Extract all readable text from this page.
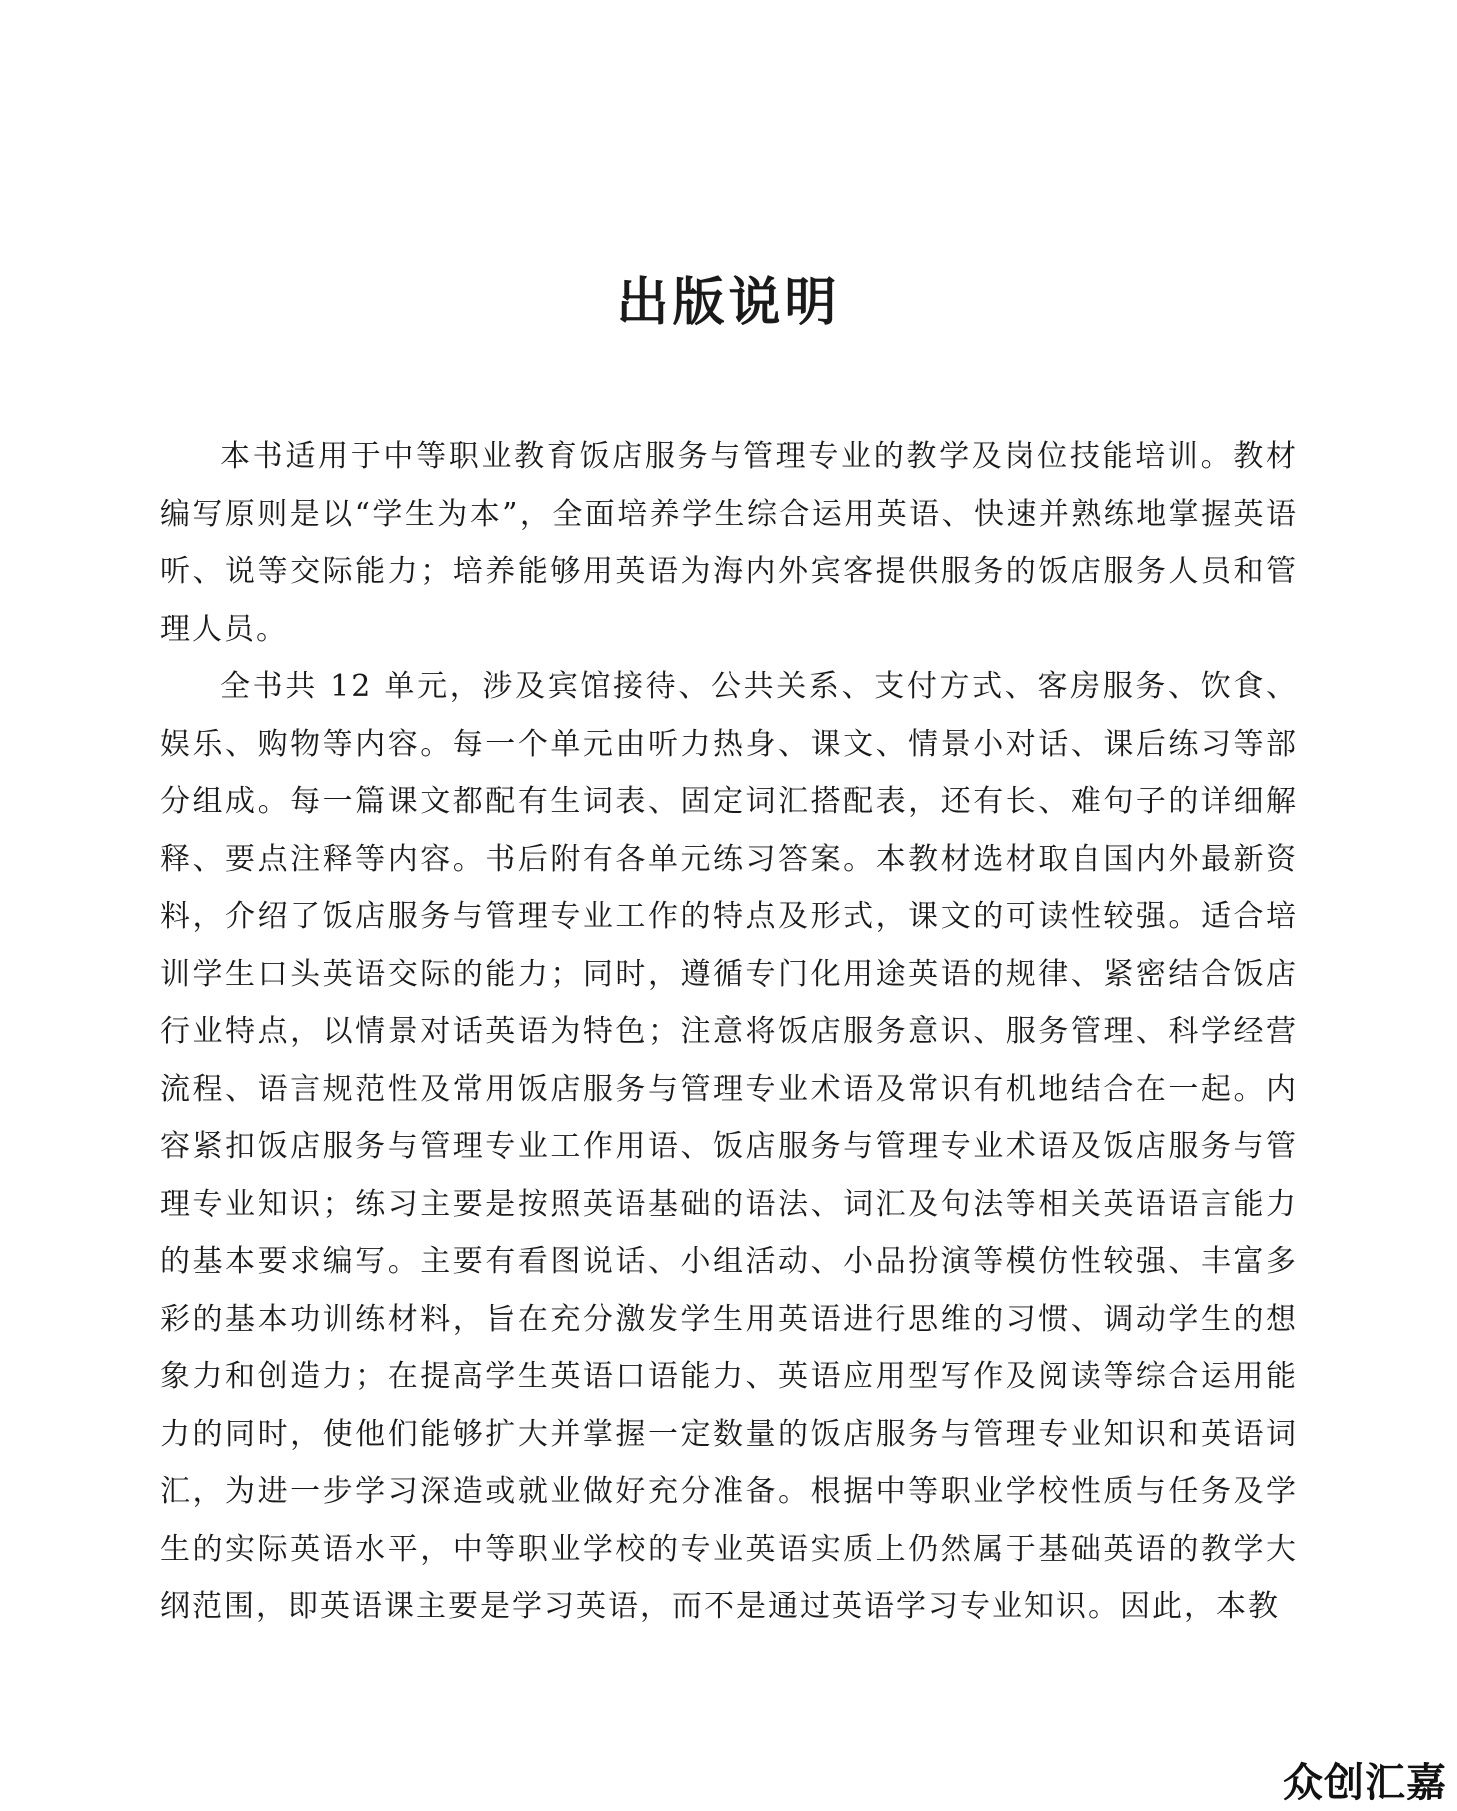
出版说明

本书适用于中等职业教育饭店服务与管理专业的教学及岗位技能培训。教材编写原则是以“学生为本”，全面培养学生综合运用英语、快速并熟练地掌握英语听、说等交际能力；培养能够用英语为海内外宾客提供服务的饭店服务人员和管理人员。

全书共 12 单元，涉及宾馆接待、公共关系、支付方式、客房服务、饮食、娱乐、购物等内容。每一个单元由听力热身、课文、情景小对话、课后练习等部分组成。每一篇课文都配有生词表、固定词汇搭配表，还有长、难句子的详细解释、要点注释等内容。书后附有各单元练习答案。本教材选材取自国内外最新资料，介绍了饭店服务与管理专业工作的特点及形式，课文的可读性较强。适合培训学生口头英语交际的能力；同时，遵循专门化用途英语的规律、紧密结合饭店行业特点，以情景对话英语为特色；注意将饭店服务意识、服务管理、科学经营流程、语言规范性及常用饭店服务与管理专业术语及常识有机地结合在一起。内容紧扣饭店服务与管理专业工作用语、饭店服务与管理专业术语及饭店服务与管理专业知识；练习主要是按照英语基础的语法、词汇及句法等相关英语语言能力的基本要求编写。主要有看图说话、小组活动、小品扮演等模仿性较强、丰富多彩的基本功训练材料，旨在充分激发学生用英语进行思维的习惯、调动学生的想象力和创造力；在提高学生英语口语能力、英语应用型写作及阅读等综合运用能力的同时，使他们能够扩大并掌握一定数量的饭店服务与管理专业知识和英语词汇，为进一步学习深造或就业做好充分准备。根据中等职业学校性质与任务及学生的实际英语水平，中等职业学校的专业英语实质上仍然属于基础英语的教学大纲范围，即英语课主要是学习英语，而不是通过英语学习专业知识。因此，本教

众创汇嘉
